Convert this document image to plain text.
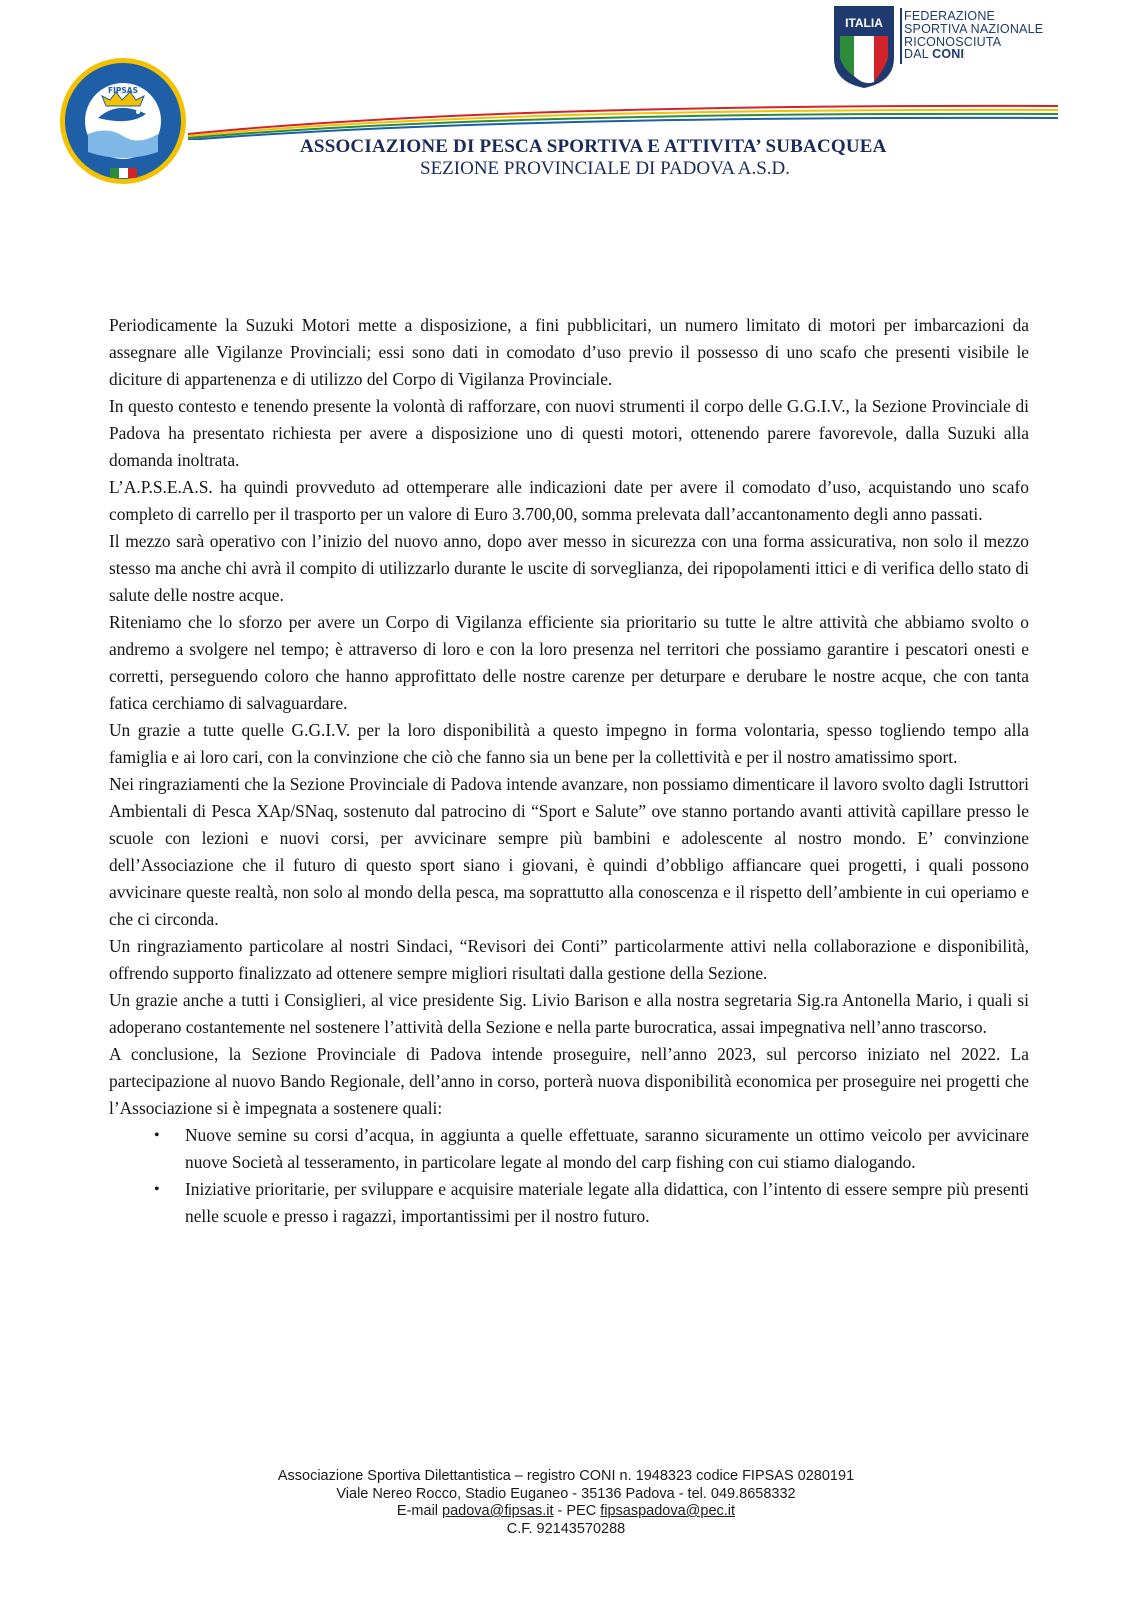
FIPSAS
ITALIA FEDERAZIONE
SPORTIVA NAZIONALE
RICONOSCIUTA
DAL CONI
ASSOCIAZIONE DI PESCA SPORTIVA E ATTIVITA’ SUBACQUEA
SEZIONE PROVINCIALE DI PADOVA A.S.D.

Periodicamente la Suzuki Motori mette a disposizione, a fini pubblicitari, un numero limitato di motori per imbarcazioni da assegnare alle Vigilanze Provinciali; essi sono dati in comodato d’uso previo il possesso di uno scafo che presenti visibile le diciture di appartenenza e di utilizzo del Corpo di Vigilanza Provinciale.

In questo contesto e tenendo presente la volontà di rafforzare, con nuovi strumenti il corpo delle G.G.I.V., la Sezione Provinciale di Padova ha presentato richiesta per avere a disposizione uno di questi motori, ottenendo parere favorevole, dalla Suzuki alla domanda inoltrata.

L’A.P.S.E.A.S. ha quindi provveduto ad ottemperare alle indicazioni date per avere il comodato d’uso, acquistando uno scafo completo di carrello per il trasporto per un valore di Euro 3.700,00, somma prelevata dall’accantonamento degli anno passati.

Il mezzo sarà operativo con l’inizio del nuovo anno, dopo aver messo in sicurezza con una forma assicurativa, non solo il mezzo stesso ma anche chi avrà il compito di utilizzarlo durante le uscite di sorveglianza, dei ripopolamenti ittici e di verifica dello stato di salute delle nostre acque.

Riteniamo che lo sforzo per avere un Corpo di Vigilanza efficiente sia prioritario su tutte le altre attività che abbiamo svolto o andremo a svolgere nel tempo; è attraverso di loro e con la loro presenza nel territori che possiamo garantire i pescatori onesti e corretti, perseguendo coloro che hanno approfittato delle nostre carenze per deturpare e derubare le nostre acque, che con tanta fatica cerchiamo di salvaguardare.

Un grazie a tutte quelle G.G.I.V. per la loro disponibilità a questo impegno in forma volontaria, spesso togliendo tempo alla famiglia e ai loro cari, con la convinzione che ciò che fanno sia un bene per la collettività e per il nostro amatissimo sport.

Nei ringraziamenti che la Sezione Provinciale di Padova intende avanzare, non possiamo dimenticare il lavoro svolto dagli Istruttori Ambientali di Pesca XAp/SNaq, sostenuto dal patrocino di “Sport e Salute” ove stanno portando avanti attività capillare presso le scuole con lezioni e nuovi corsi, per avvicinare sempre più bambini e adolescente al nostro mondo. E’ convinzione dell’Associazione che il futuro di questo sport siano i giovani, è quindi d’obbligo affiancare quei progetti, i quali possono avvicinare queste realtà, non solo al mondo della pesca, ma soprattutto alla conoscenza e il rispetto dell’ambiente in cui operiamo e che ci circonda.

Un ringraziamento particolare al nostri Sindaci, “Revisori dei Conti” particolarmente attivi nella collaborazione e disponibilità, offrendo supporto finalizzato ad ottenere sempre migliori risultati dalla gestione della Sezione.

Un grazie anche a tutti i Consiglieri, al vice presidente Sig. Livio Barison e alla nostra segretaria Sig.ra Antonella Mario, i quali si adoperano costantemente nel sostenere l’attività della Sezione e nella parte burocratica, assai impegnativa nell’anno trascorso.

A conclusione, la Sezione Provinciale di Padova intende proseguire, nell’anno 2023, sul percorso iniziato nel 2022. La partecipazione al nuovo Bando Regionale, dell’anno in corso, porterà nuova disponibilità economica per proseguire nei progetti che l’Associazione si è impegnata a sostenere quali:

• Nuove semine su corsi d’acqua, in aggiunta a quelle effettuate, saranno sicuramente un ottimo veicolo per avvicinare nuove Società al tesseramento, in particolare legate al mondo del carp fishing con cui stiamo dialogando.
• Iniziative prioritarie, per sviluppare e acquisire materiale legate alla didattica, con l’intento di essere sempre più presenti nelle scuole e presso i ragazzi, importantissimi per il nostro futuro.
Associazione Sportiva Dilettantistica – registro CONI n. 1948323 codice FIPSAS 0280191
Viale Nereo Rocco, Stadio Euganeo - 35136 Padova - tel. 049.8658332
E-mail padova@fipsas.it - PEC fipsaspadova@pec.it
C.F. 92143570288
